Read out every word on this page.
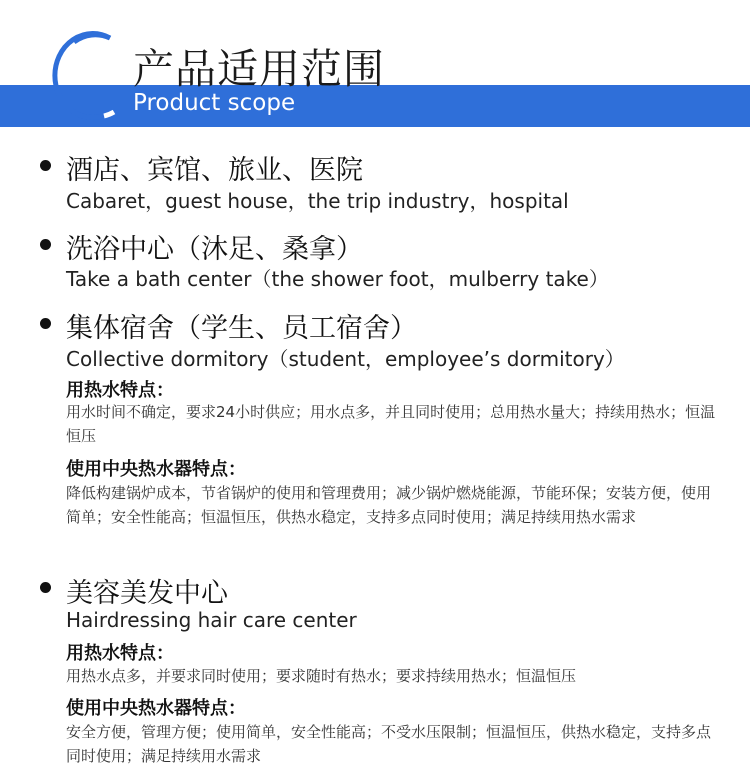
产品适用范围
Product scope
酒店、宾馆、旅业、医院
Cabaret，guest house，the trip industry，hospital
洗浴中心（沐足、桑拿）
Take a bath center（the shower foot，mulberry take）
集体宿舍（学生、员工宿舍）
Collective dormitory（student，employee’s dormitory）
用热水特点：
用水时间不确定，要求24小时供应；用水点多，并且同时使用；总用热水量大；持续用热水；恒温恒压
使用中央热水器特点：
降低构建锅炉成本，节省锅炉的使用和管理费用；减少锅炉燃烧能源，节能环保；安装方便，使用简单；安全性能高；恒温恒压，供热水稳定，支持多点同时使用；满足持续用热水需求
美容美发中心
Hairdressing hair care center
用热水特点：
用热水点多，并要求同时使用；要求随时有热水；要求持续用热水；恒温恒压
使用中央热水器特点：
安全方便，管理方便；使用简单，安全性能高；不受水压限制；恒温恒压，供热水稳定，支持多点同时使用；满足持续用水需求
